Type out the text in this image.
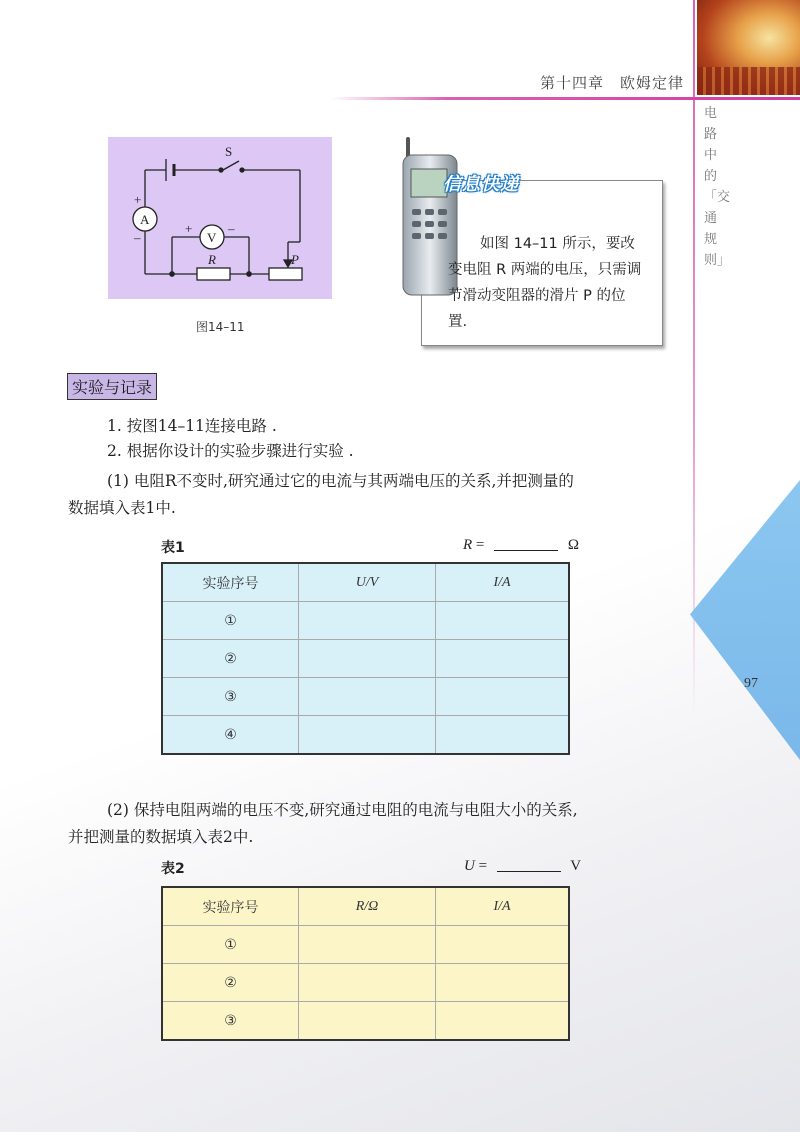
第十四章　欧姆定律
电路中的「交通规则」
97
S
A
V
R	P
+
–
+	–
图14–11
信息快递
如图 14–11 所示，要改变电阻 R 两端的电压，只需调节滑动变阻器的滑片 P 的位置.
实验与记录
1. 按图14–11连接电路 .
2. 根据你设计的实验步骤进行实验 .
(1) 电阻R不变时,研究通过它的电流与其两端电压的关系,并把测量的
数据填入表1中.
表1	R =	Ω
实验序号	U/V	I/A
①		
②		
③		
④		
(2) 保持电阻两端的电压不变,研究通过电阻的电流与电阻大小的关系,
并把测量的数据填入表2中.
表2	U =	V
实验序号	R/Ω	I/A
①		
②		
③		
